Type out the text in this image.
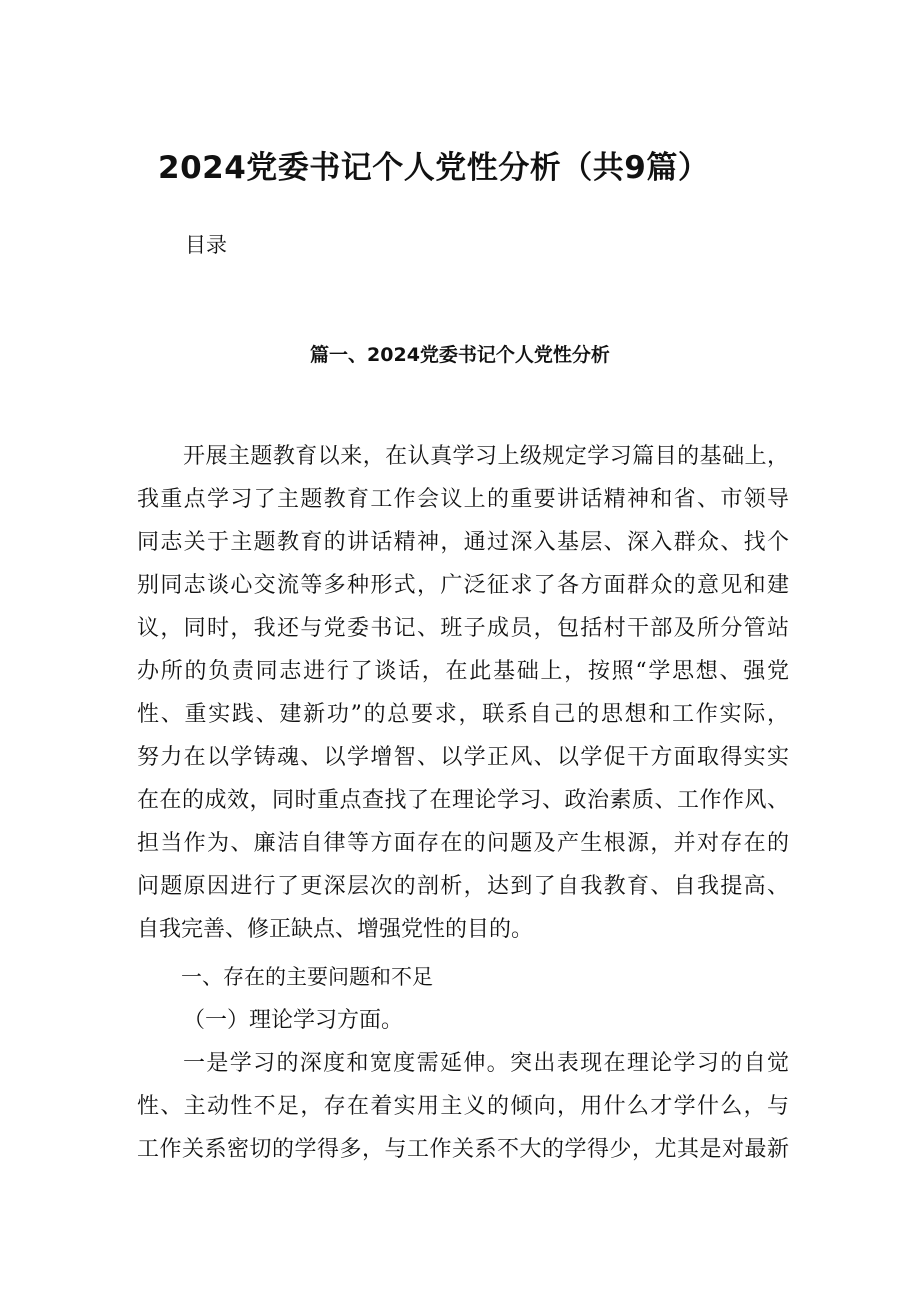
2024党委书记个人党性分析（共9篇）
目录
篇一、2024党委书记个人党性分析

开展主题教育以来，在认真学习上级规定学习篇目的基础上，

我重点学习了主题教育工作会议上的重要讲话精神和省、市领导

同志关于主题教育的讲话精神，通过深入基层、深入群众、找个

别同志谈心交流等多种形式，广泛征求了各方面群众的意见和建

议，同时，我还与党委书记、班子成员，包括村干部及所分管站

办所的负责同志进行了谈话，在此基础上，按照“学思想、强党

性、重实践、建新功”的总要求，联系自己的思想和工作实际，

努力在以学铸魂、以学增智、以学正风、以学促干方面取得实实

在在的成效，同时重点查找了在理论学习、政治素质、工作作风、

担当作为、廉洁自律等方面存在的问题及产生根源，并对存在的

问题原因进行了更深层次的剖析，达到了自我教育、自我提高、

自我完善、修正缺点、增强党性的目的。

一、存在的主要问题和不足
（一）理论学习方面。

一是学习的深度和宽度需延伸。突出表现在理论学习的自觉

性、主动性不足，存在着实用主义的倾向，用什么才学什么，与

工作关系密切的学得多，与工作关系不大的学得少，尤其是对最新
